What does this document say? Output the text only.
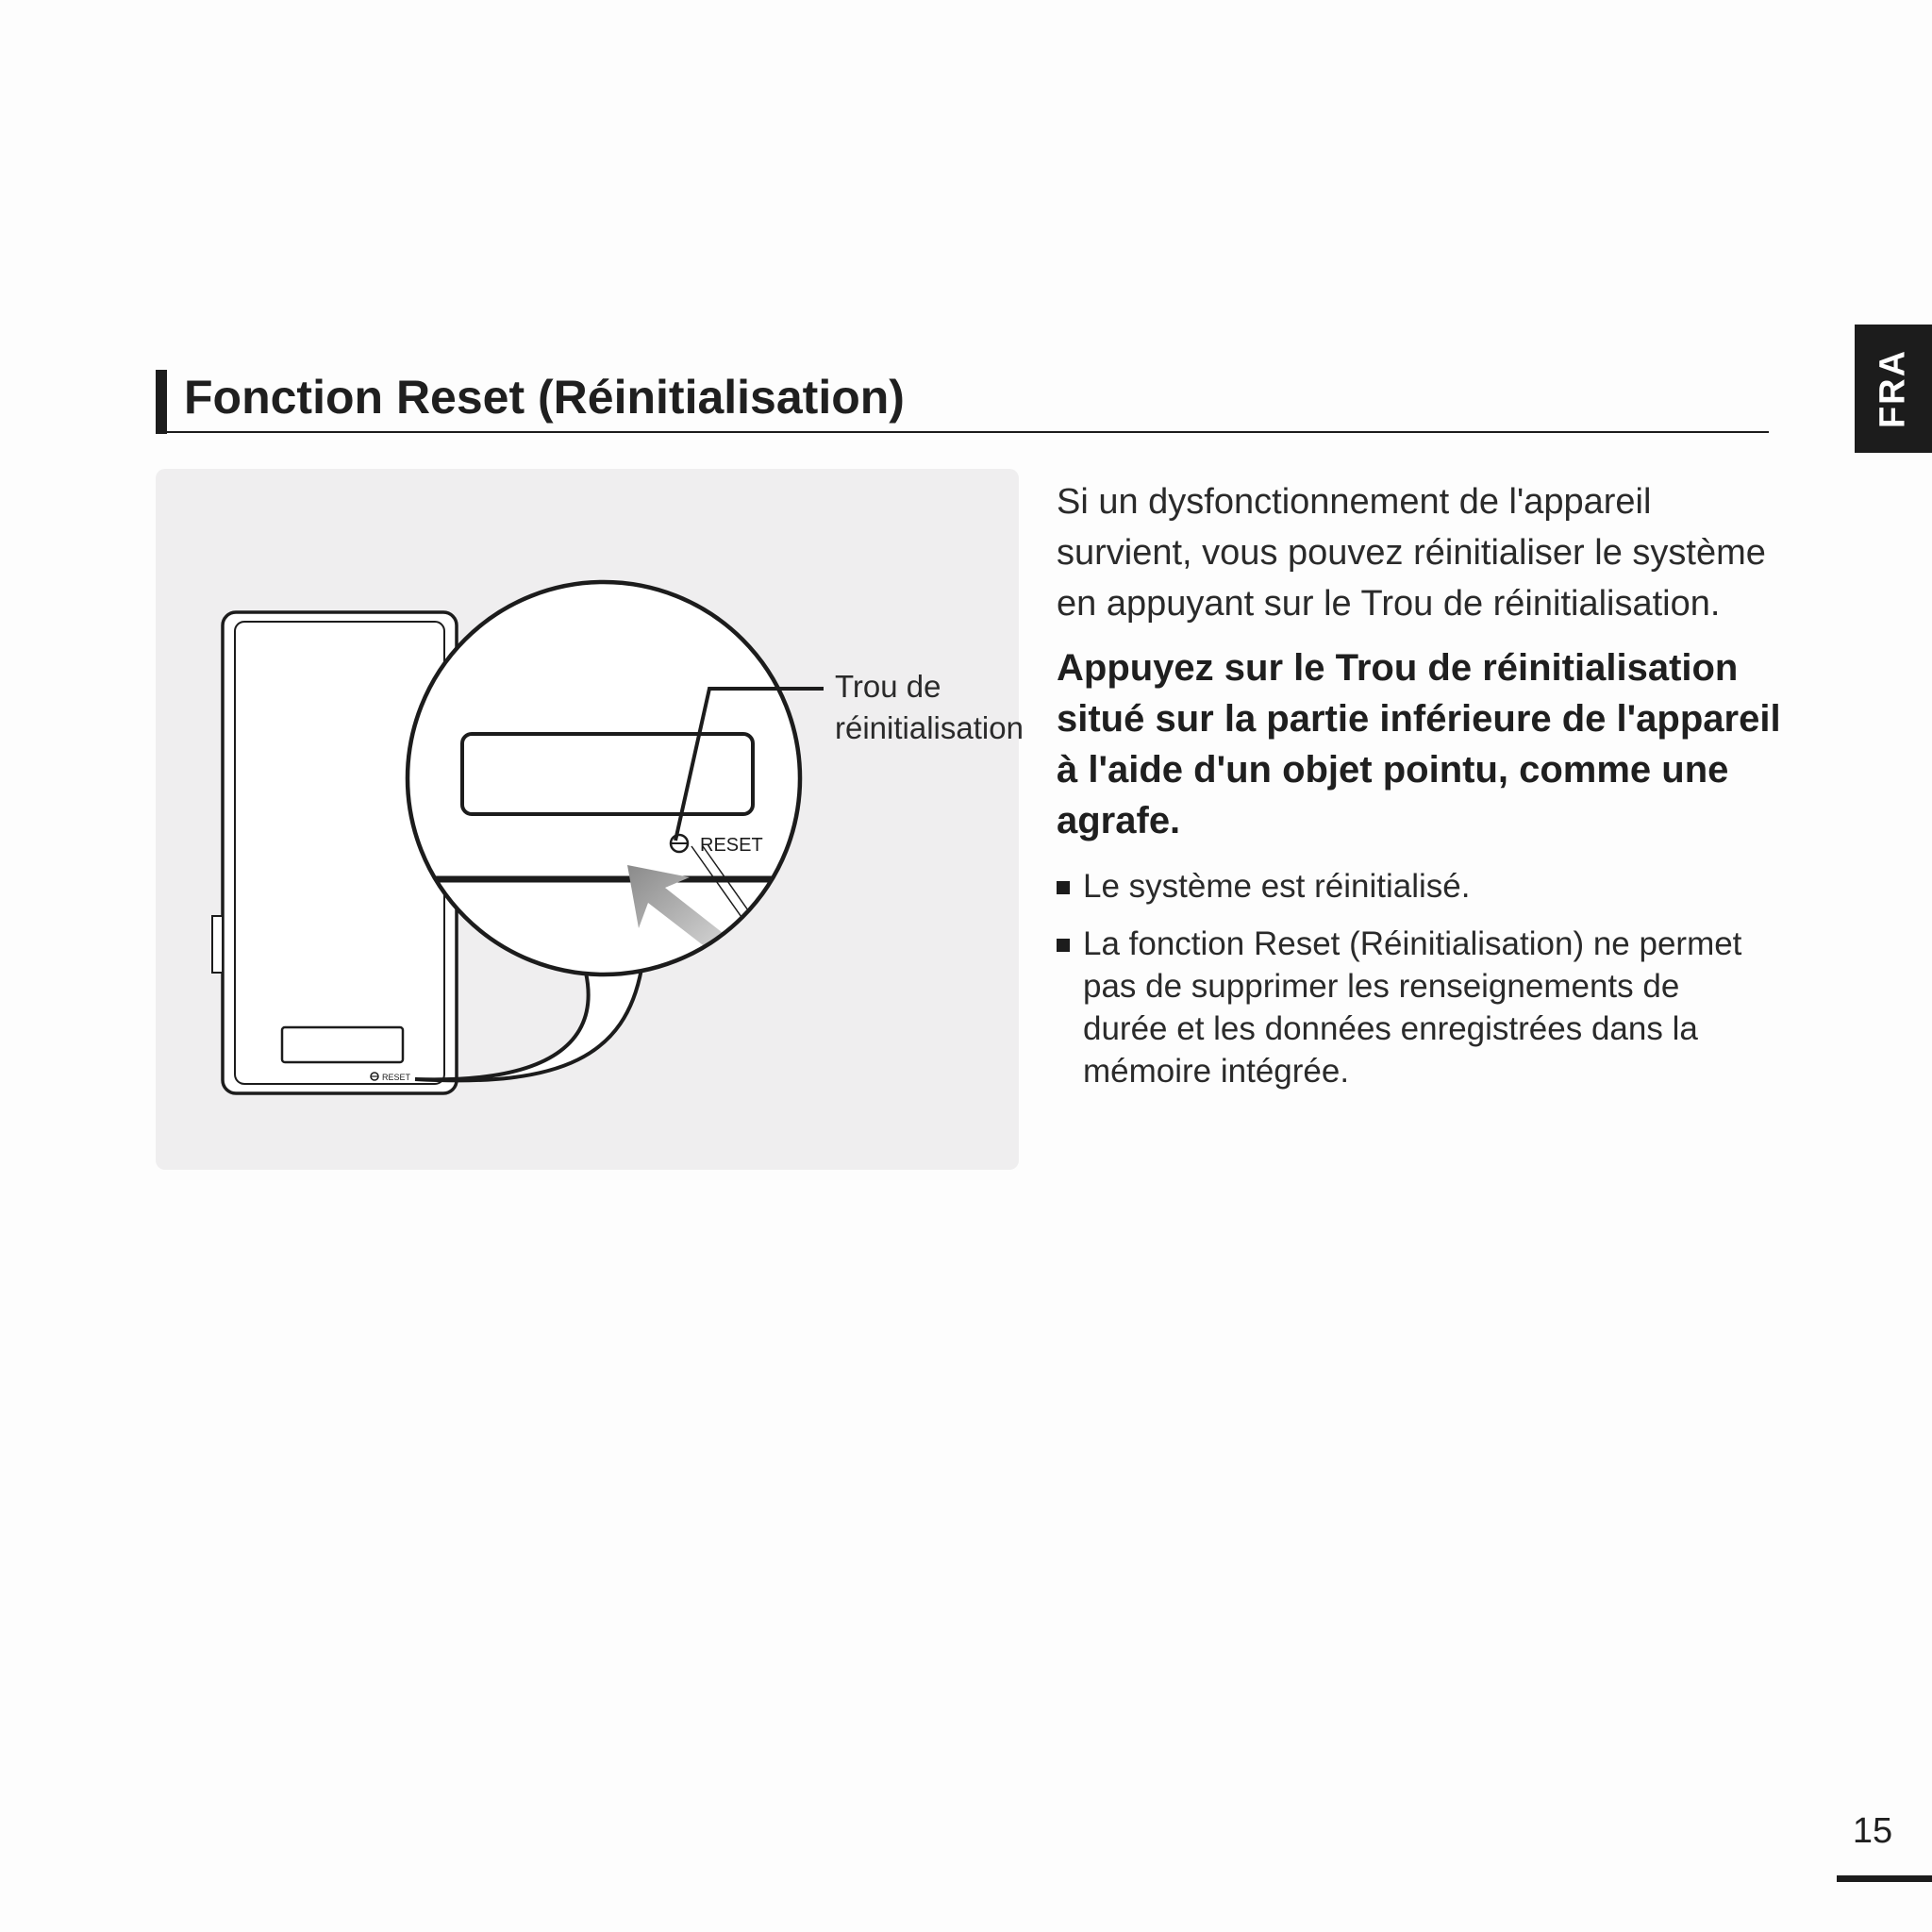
FRA
Fonction Reset (Réinitialisation)
RESET
RESET
Trou de
réinitialisation

Si un dysfonctionnement de l'appareil
survient, vous pouvez réinitialiser le système
en appuyant sur le Trou de réinitialisation.

Appuyez sur le Trou de réinitialisation
situé sur la partie inférieure de l'appareil
à l'aide d'un objet pointu, comme une
agrafe.

Le système est réinitialisé.
La fonction Reset (Réinitialisation) ne permet
pas de supprimer les renseignements de
durée et les données enregistrées dans la
mémoire intégrée.
15
